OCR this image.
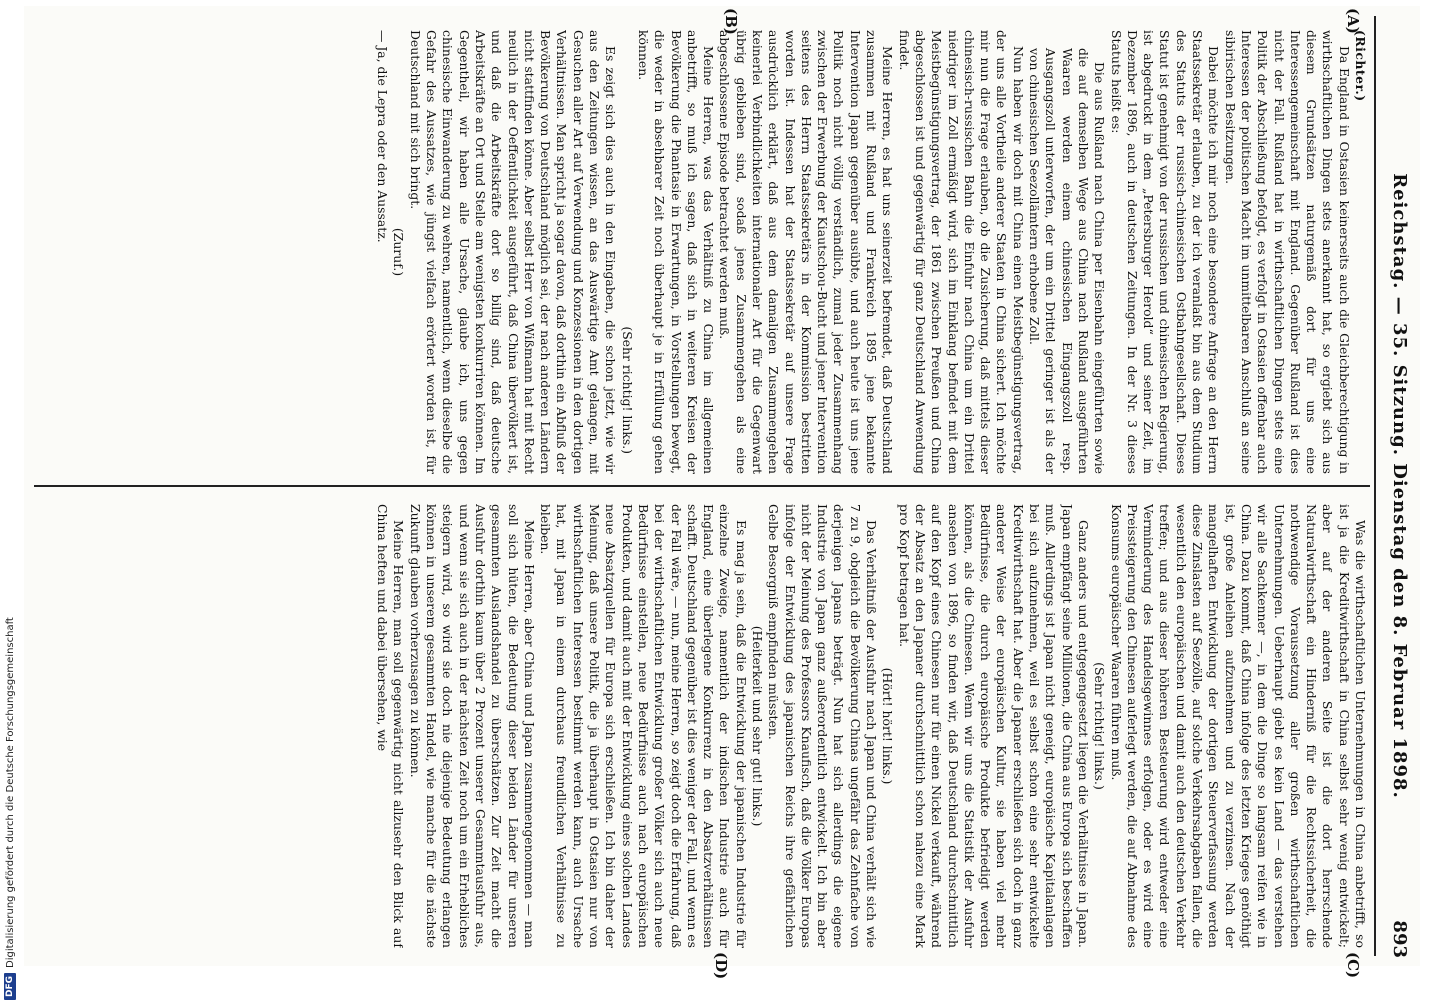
Reichstag. — 35. Sitzung. Dienstag den 8. Februar 1898.
893
(A)
(B)
(C)
(D)

(Richter.)

Da England in Ostasien keinerseits auch die Gleichberechtigung in wirthschaftlichen Dingen stets anerkannt hat, so ergiebt sich aus diesem Grundsätzen naturgemäß dort für uns eine Interessengemeinschaft mit England. Gegenüber Rußland ist dies nicht der Fall. Rußland hat in wirthschaftlichen Dingen stets eine Politik der Abschließung befolgt, es verfolgt in Ostasien offenbar auch Interessen der politischen Macht im unmittelbaren Anschluß an seine sibirischen Besitzungen.

Dabei möchte ich mir noch eine besondere Anfrage an den Herrn Staatssekretär erlauben, zu der ich veranlaßt bin aus dem Studium des Statuts der russisch-chinesischen Ostbahngesellschaft. Dieses Statut ist genehmigt von der russischen und chinesischen Regierung, ist abgedruckt in dem „Petersburger Herold“ und seiner Zeit, im Dezember 1896, auch in deutschen Zeitungen. In der Nr. 3 dieses Statuts heißt es:

Die aus Rußland nach China per Eisenbahn eingeführten sowie die auf demselben Wege aus China nach Rußland ausgeführten Waaren werden einem chinesischen Eingangszoll resp. Ausgangszoll unterworfen, der um ein Drittel geringer ist als der von chinesischen Seezollämtern erhobene Zoll.

Nun haben wir doch mit China einen Meistbegünstigungsvertrag, der uns alle Vortheile anderer Staaten in China sichert. Ich möchte mir nun die Frage erlauben, ob die Zusicherung, daß mittels dieser chinesisch-russischen Bahn die Einfuhr nach China um ein Drittel niedriger im Zoll ermäßigt wird, sich im Einklang befindet mit dem Meistbegünstigungsvertrag, der 1861 zwischen Preußen und China abgeschlossen ist und gegenwärtig für ganz Deutschland Anwendung findet.

Meine Herren, es hat uns seinerzeit befremdet, daß Deutschland zusammen mit Rußland und Frankreich 1895 jene bekannte Intervention Japan gegenüber ausübte, und auch heute ist uns jene Politik noch nicht völlig verständlich, zumal jeder Zusammenhang zwischen der Erwerbung der Kiautschou-Bucht und jener Intervention seitens des Herrn Staatssekretärs in der Kommission bestritten worden ist. Indessen hat der Staatssekretär auf unsere Frage ausdrücklich erklärt, daß aus dem damaligen Zusammengehen keinerlei Verbindlichkeiten internationaler Art für die Gegenwart übrig geblieben sind, sodaß jenes Zusammengehen als eine abgeschlossene Episode betrachtet werden muß.

Meine Herren, was das Verhältniß zu China im allgemeinen anbetrifft, so muß ich sagen, daß sich in weiteren Kreisen der Bevölkerung die Phantasie in Erwartungen, in Vorstellungen bewegt, die weder in absehbarer Zeit noch überhaupt je in Erfüllung gehen können.

(Sehr richtig! links.)

Es zeigt sich dies auch in den Eingaben, die schon jetzt, wie wir aus den Zeitungen wissen, an das Auswärtige Amt gelangen, mit Gesuchen aller Art auf Verwendung und Konzessionen in den dortigen Verhältnissen. Man spricht ja sogar davon, daß dorthin ein Abfluß der Bevölkerung von Deutschland möglich sei, der nach anderen Ländern nicht stattfinden könne. Aber selbst Herr von Wißmann hat mit Recht neulich in der Oeffentlichkeit ausgeführt, daß China übervölkert ist, und daß die Arbeitskräfte dort so billig sind, daß deutsche Arbeitskräfte an Ort und Stelle am wenigsten konkurriren können. Im Gegentheil, wir haben alle Ursache, glaube ich, uns gegen chinesische Einwanderung zu wehren, namentlich, wenn dieselbe die Gefahr des Aussatzes, wie jüngst vielfach erörtert worden ist, für Deutschland mit sich bringt.

(Zuruf.)

— Ja, die Lepra oder den Aussatz.

Was die wirthschaftlichen Unternehmungen in China anbetrifft, so ist ja die Kreditwirthschaft in China selbst sehr wenig entwickelt; aber auf der anderen Seite ist die dort herrschende Naturalwirthschaft ein Hinderniß für die Rechtssicherheit, die nothwendige Voraussetzung aller großen wirthschaftlichen Unternehmungen. Ueberhaupt giebt es kein Land — das verstehen wir alle Sachkenner —, in dem die Dinge so langsam reifen wie in China. Dazu kommt, daß China infolge des letzten Krieges genöthigt ist, große Anleihen aufzunehmen und zu verzinsen. Nach der mangelhaften Entwicklung der dortigen Steuerverfassung werden diese Zinslasten auf Seezölle, auf solche Verkehrsabgaben fallen, die wesentlich den europäischen und damit auch den deutschen Verkehr treffen; und aus dieser höheren Besteuerung wird entweder eine Verminderung des Handelsgewinnes erfolgen, oder es wird eine Preissteigerung den Chinesen auferlegt werden, die auf Abnahme des Konsums europäischer Waaren führen muß.

(Sehr richtig! links.)

Ganz anders und entgegengesetzt liegen die Verhältnisse in Japan. Japan empfängt seine Millionen, die China aus Europa sich beschaffen muß. Allerdings ist Japan nicht geneigt, europäische Kapitalanlagen bei sich aufzunehmen, weil es selbst schon eine sehr entwickelte Kreditwirthschaft hat. Aber die Japaner erschließen sich doch in ganz anderer Weise der europäischen Kultur, sie haben viel mehr Bedürfnisse, die durch europäische Produkte befriedigt werden können, als die Chinesen. Wenn wir uns die Statistik der Ausfuhr ansehen von 1896, so finden wir, daß Deutschland durchschnittlich auf den Kopf eines Chinesen nur für einen Nickel verkauft, während der Absatz an den Japaner durchschnittlich schon nahezu eine Mark pro Kopf betragen hat.

(Hört! hört! links.)

Das Verhältniß der Ausfuhr nach Japan und China verhält sich wie 7 zu 9, obgleich die Bevölkerung Chinas ungefähr das Zehnfache von derjenigen Japans beträgt. Nun hat sich allerdings die eigene Industrie von Japan ganz außerordentlich entwickelt. Ich bin aber nicht der Meinung des Professors Knaufisch, daß die Völker Europas infolge der Entwicklung des japanischen Reichs ihre gefährlichen Gelbe Besorgniß empfinden müssten.

(Heiterkeit und sehr gut! links.)

Es mag ja sein, daß die Entwicklung der japanischen Industrie für einzelne Zweige, namentlich der indischen Industrie auch für England, eine überlegene Konkurrenz in den Absatzverhältnissen schafft. Deutschland gegenüber ist dies weniger der Fall, und wenn es der Fall wäre, — nun, meine Herren, so zeigt doch die Erfahrung, daß bei der wirthschaftlichen Entwicklung großer Völker sich auch neue Bedürfnisse einstellen, neue Bedürfnisse auch nach europäischen Produkten, und damit auch mit der Entwicklung eines solchen Landes neue Absatzquellen für Europa sich erschließen. Ich bin daher der Meinung, daß unsere Politik, die ja überhaupt in Ostasien nur von wirthschaftlichen Interessen bestimmt werden kann, auch Ursache hat, mit Japan in einem durchaus freundlichen Verhältnisse zu bleiben.

Meine Herren, aber China und Japan zusammengenommen — man soll sich hüten, die Bedeutung dieser beiden Länder für unseren gesammten Auslandshandel zu überschätzen. Zur Zeit macht die Ausfuhr dorthin kaum über 2 Prozent unserer Gesammtausfuhr aus, und wenn sie sich auch in der nächsten Zeit noch um ein Erhebliches steigern wird, so wird sie doch nie diejenige Bedeutung erlangen können in unserem gesammten Handel, wie manche für die nächste Zukunft glauben vorherzusagen zu können.

Meine Herren, man soll gegenwärtig nicht allzusehr den Blick auf China heften und dabei übersehen, wie

DFG
Digitalisierung gefördert durch die Deutsche Forschungsgemeinschaft
